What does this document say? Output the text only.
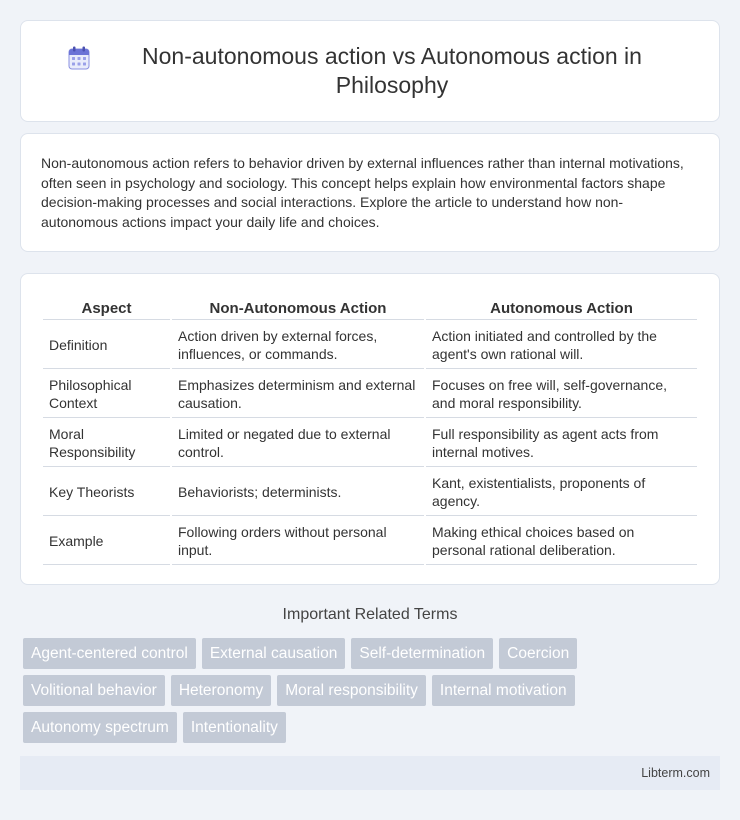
Non-autonomous action vs Autonomous action in Philosophy

Non-autonomous action refers to behavior driven by external influences rather than internal motivations, often seen in psychology and sociology. This concept helps explain how environmental factors shape decision-making processes and social interactions. Explore the article to understand how non-autonomous actions impact your daily life and choices.

Aspect	Non-Autonomous Action	Autonomous Action
Definition	Action driven by external forces, influences, or commands.	Action initiated and controlled by the agent's own rational will.
Philosophical Context	Emphasizes determinism and external causation.	Focuses on free will, self-governance, and moral responsibility.
Moral Responsibility	Limited or negated due to external control.	Full responsibility as agent acts from internal motives.
Key Theorists	Behaviorists; determinists.	Kant, existentialists, proponents of agency.
Example	Following orders without personal input.	Making ethical choices based on personal rational deliberation.
Important Related Terms
Agent-centered control	External causation	Self-determination	Coercion
Volitional behavior	Heteronomy	Moral responsibility	Internal motivation
Autonomy spectrum	Intentionality
Libterm.com
